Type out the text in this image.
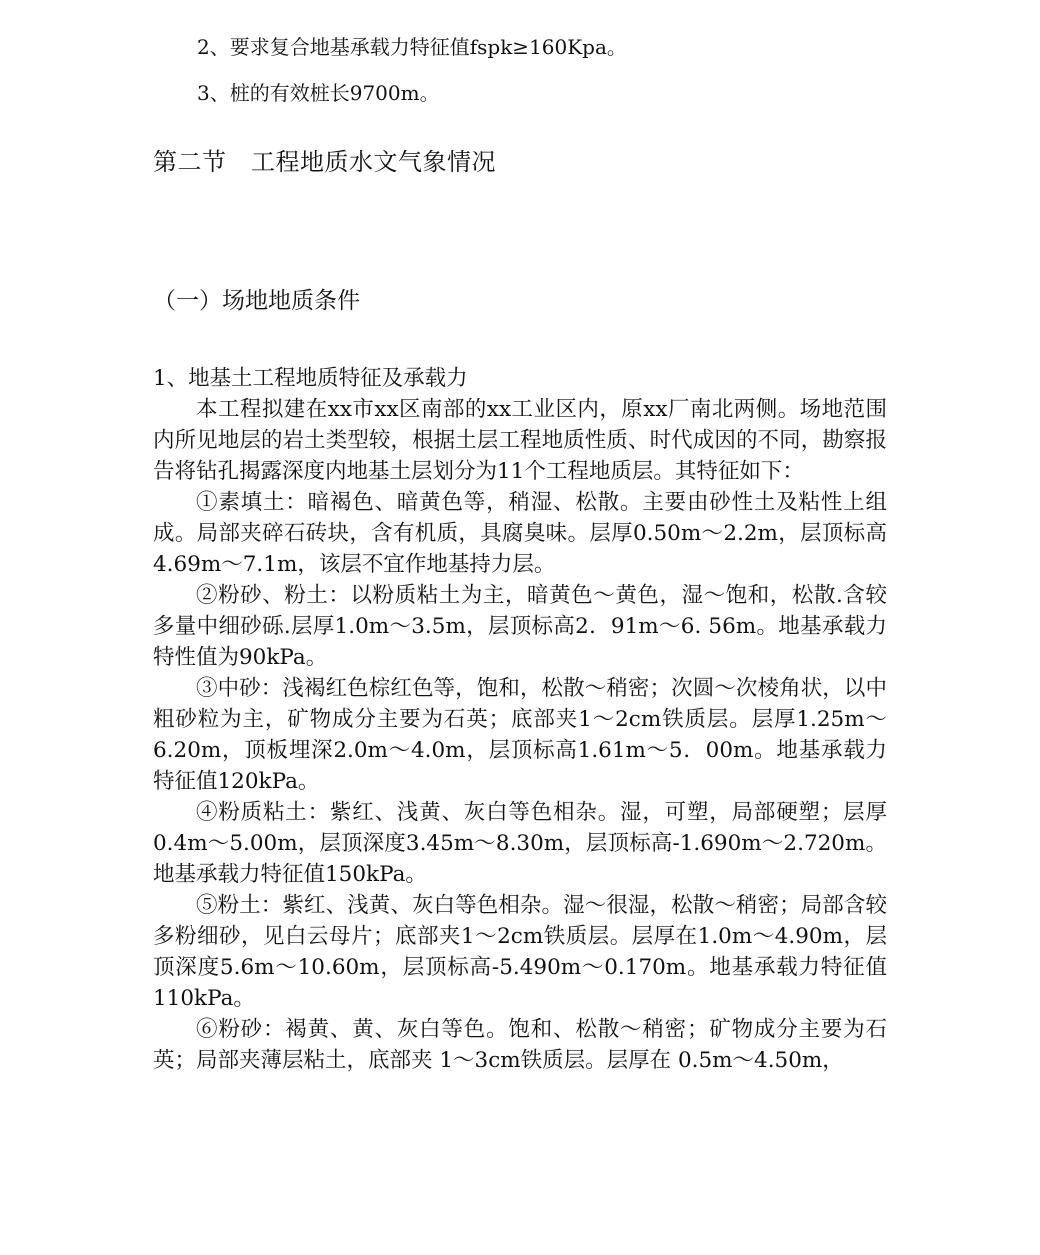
2、要求复合地基承载力特征值fspk≥160Kpa。
3、桩的有效桩长9700m。
第二节　工程地质水文气象情况
（一）场地地质条件

1、地基土工程地质特征及承载力

本工程拟建在xx市xx区南部的xx工业区内，原xx厂南北两侧。场地范围内所见地层的岩土类型较，根据土层工程地质性质、时代成因的不同，勘察报告将钻孔揭露深度内地基土层划分为11个工程地质层。其特征如下：

①素填土：暗褐色、暗黄色等，稍湿、松散。主要由砂性土及粘性上组成。局部夹碎石砖块，含有机质，具腐臭味。层厚0.50m～2.2m，层顶标高4.69m～7.1m，该层不宜作地基持力层。

②粉砂、粉土：以粉质粘土为主，暗黄色～黄色，湿～饱和，松散.含较多量中细砂砾.层厚1.0m～3.5m，层顶标高2．91m～6. 56m。地基承载力特性值为90kPa。

③中砂：浅褐红色棕红色等，饱和，松散～稍密；次圆～次棱角状，以中粗砂粒为主，矿物成分主要为石英；底部夹1～2cm铁质层。层厚1.25m～6.20m，顶板埋深2.0m～4.0m，层顶标高1.61m～5．00m。地基承载力特征值120kPa。

④粉质粘土：紫红、浅黄、灰白等色相杂。湿，可塑，局部硬塑；层厚0.4m～5.00m，层顶深度3.45m～8.30m，层顶标高-1.690m～2.720m。地基承载力特征值150kPa。

⑤粉土：紫红、浅黄、灰白等色相杂。湿～很湿，松散～稍密；局部含较多粉细砂，见白云母片；底部夹1～2cm铁质层。层厚在1.0m～4.90m，层顶深度5.6m～10.60m，层顶标高-5.490m～0.170m。地基承载力特征值110kPa。

⑥粉砂：褐黄、黄、灰白等色。饱和、松散～稍密；矿物成分主要为石英；局部夹薄层粘土，底部夹 1～3cm铁质层。层厚在 0.5m～4.50m，
